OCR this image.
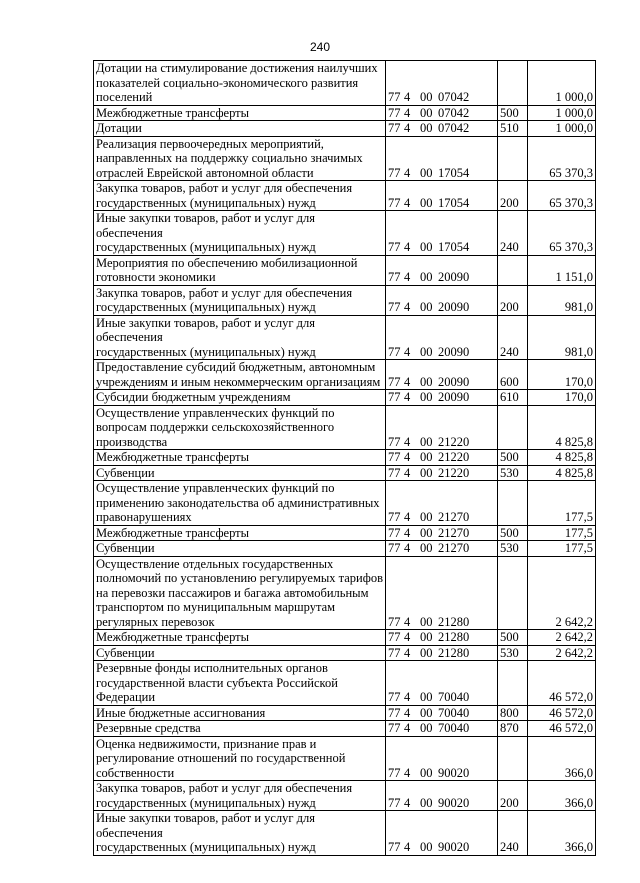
240
Дотации на стимулирование достижения наилучших
показателей социально-экономического развития
поселений	77 4 00 07042		1 000,0
Межбюджетные трансферты	77 4 00 07042	500	1 000,0
Дотации	77 4 00 07042	510	1 000,0
Реализация первоочередных мероприятий,
направленных на поддержку социально значимых
отраслей Еврейской автономной области	77 4 00 17054		65 370,3
Закупка товаров, работ и услуг для обеспечения
государственных (муниципальных) нужд	77 4 00 17054	200	65 370,3
Иные закупки товаров, работ и услуг для обеспечения
государственных (муниципальных) нужд	77 4 00 17054	240	65 370,3
Мероприятия по обеспечению мобилизационной
готовности экономики	77 4 00 20090		1 151,0
Закупка товаров, работ и услуг для обеспечения
государственных (муниципальных) нужд	77 4 00 20090	200	981,0
Иные закупки товаров, работ и услуг для обеспечения
государственных (муниципальных) нужд	77 4 00 20090	240	981,0
Предоставление субсидий бюджетным, автономным
учреждениям и иным некоммерческим организациям	77 4 00 20090	600	170,0
Субсидии бюджетным учреждениям	77 4 00 20090	610	170,0
Осуществление управленческих функций по
вопросам поддержки сельскохозяйственного
производства	77 4 00 21220		4 825,8
Межбюджетные трансферты	77 4 00 21220	500	4 825,8
Субвенции	77 4 00 21220	530	4 825,8
Осуществление управленческих функций по
применению законодательства об административных
правонарушениях	77 4 00 21270		177,5
Межбюджетные трансферты	77 4 00 21270	500	177,5
Субвенции	77 4 00 21270	530	177,5
Осуществление отдельных государственных
полномочий по установлению регулируемых тарифов
на перевозки пассажиров и багажа автомобильным
транспортом по муниципальным маршрутам
регулярных перевозок	77 4 00 21280		2 642,2
Межбюджетные трансферты	77 4 00 21280	500	2 642,2
Субвенции	77 4 00 21280	530	2 642,2
Резервные фонды исполнительных органов
государственной власти субъекта Российской
Федерации	77 4 00 70040		46 572,0
Иные бюджетные ассигнования	77 4 00 70040	800	46 572,0
Резервные средства	77 4 00 70040	870	46 572,0
Оценка недвижимости, признание прав и
регулирование отношений по государственной
собственности	77 4 00 90020		366,0
Закупка товаров, работ и услуг для обеспечения
государственных (муниципальных) нужд	77 4 00 90020	200	366,0
Иные закупки товаров, работ и услуг для обеспечения
государственных (муниципальных) нужд	77 4 00 90020	240	366,0
